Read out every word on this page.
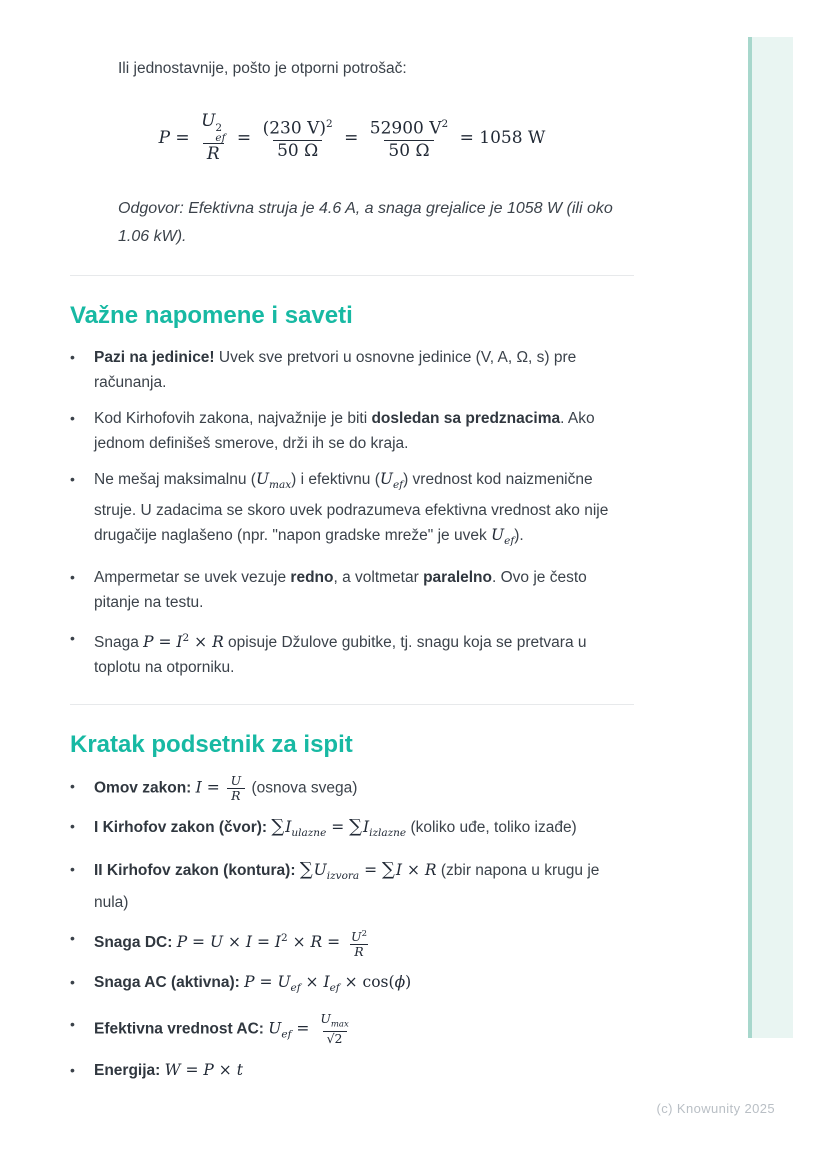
Ili jednostavnije, pošto je otporni potrošač:

P = U 2
ef
$R = \frac{(230 V)^2}{50 \Omega} = \frac{52900 V^2}{50 \Omega} = 1058$ W

Odgovor: Efektivna struja je 4.6 A, a snaga grejalice je 1058 W (ili oko 1.06 kW).

Važne napomene i saveti
•	Pazi na jedinice! Uvek sve pretvori u osnovne jedinice (V, A, Ω, s) pre računanja.
•	Kod Kirhofovih zakona, najvažnije je biti dosledan sa predznacima. Ako jednom definišeš smerove, drži ih se do kraja.
•	Ne mešaj maksimalnu $(U_{max})$ i efektivnu $(U_{ef})$ vrednost kod naizmenične struje. U zadacima se skoro uvek podrazumeva efektivna vrednost ako nije drugačije naglašeno (npr. "napon gradske mreže" je uvek $U_{ef}$).
•	Ampermetar se uvek vezuje redno, a voltmetar paralelno. Ovo je često pitanje na testu.
•	Snaga $P = I^2 \times R$ opisuje Džulove gubitke, tj. snagu koja se pretvara u toplotu na otporniku.
Kratak podsetnik za ispit
•	Omov zakon: $I = \frac{U}{R}$ (osnova svega)
•	I Kirhofov zakon (čvor): $\sum I_{ulazne} = \sum I_{izlazne}$ (koliko uđe, toliko izađe)
•	II Kirhofov zakon (kontura): $\sum U_{izvora} = \sum I \times R$ (zbir napona u krugu je nula)
•	Snaga DC: $P = U \times I = I^2 \times R = \frac{U^2}{R}$
•	Snaga AC (aktivna): $P = U_{ef} \times I_{ef} \times \cos(\phi)$
•	Efektivna vrednost AC: $U_{ef} = \frac{U_{max}}{√2}$
•	Energija: W = P × t
(c) Knowunity 2025
